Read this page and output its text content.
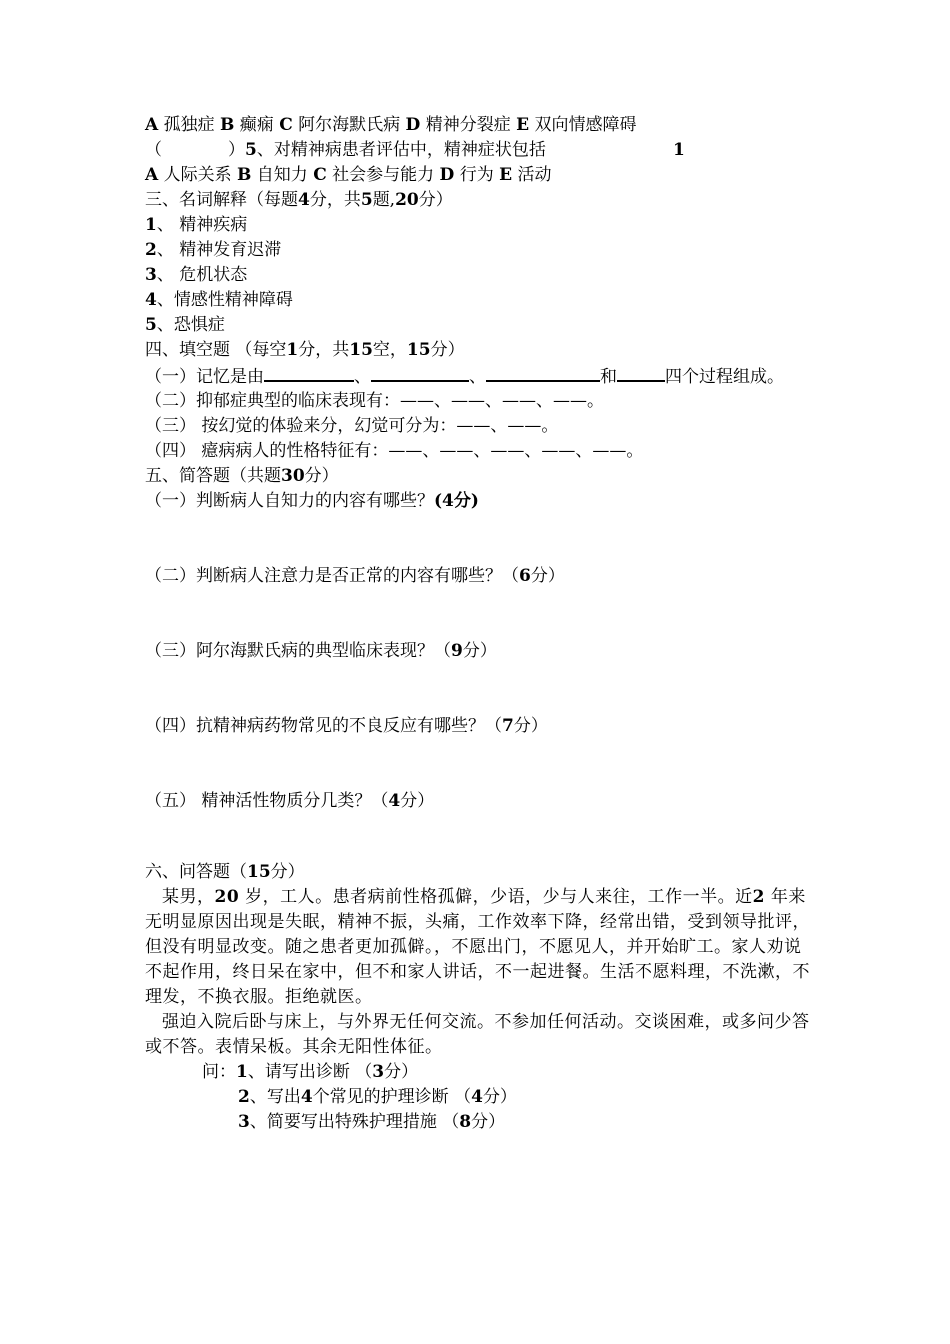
A 孤独症 B 癫痫 C 阿尔海默氏病 D 精神分裂症 E 双向情感障碍
（	）5、对精神病患者评估中，精神症状包括	1
A 人际关系 B 自知力 C 社会参与能力 D 行为 E 活动
三、名词解释（每题4分，共5题,20分）
1、 精神疾病
2、 精神发育迟滞
3、 危机状态
4、情感性精神障碍
5、恐惧症
四、填空题 （每空1分，共15空，15分）
（一）记忆是由	、	、	和	四个过程组成。
（二）抑郁症典型的临床表现有：——、——、——、——。
（三） 按幻觉的体验来分，幻觉可分为：——、——。
（四） 癔病病人的性格特征有：——、——、——、——、——。
五、简答题（共题30分）
（一）判断病人自知力的内容有哪些？(4分)
（二）判断病人注意力是否正常的内容有哪些？（6分）
（三）阿尔海默氏病的典型临床表现？（9分）
（四）抗精神病药物常见的不良反应有哪些？（7分）
（五） 精神活性物质分几类？（4分）
六、问答题（15分）
某男，20 岁，工人。患者病前性格孤僻，少语，少与人来往，工作一半。近2 年来无明显原因出现是失眠，精神不振，头痛，工作效率下降，经常出错，受到领导批评，但没有明显改变。随之患者更加孤僻。，不愿出门，不愿见人，并开始旷工。家人劝说不起作用，终日呆在家中，但不和家人讲话，不一起进餐。生活不愿料理，不洗漱，不理发，不换衣服。拒绝就医。
强迫入院后卧与床上，与外界无任何交流。不参加任何活动。交谈困难，或多问少答或不答。表情呆板。其余无阳性体征。
问：1、请写出诊断 （3分）
2、写出4个常见的护理诊断 （4分）
3、简要写出特殊护理措施 （8分）
